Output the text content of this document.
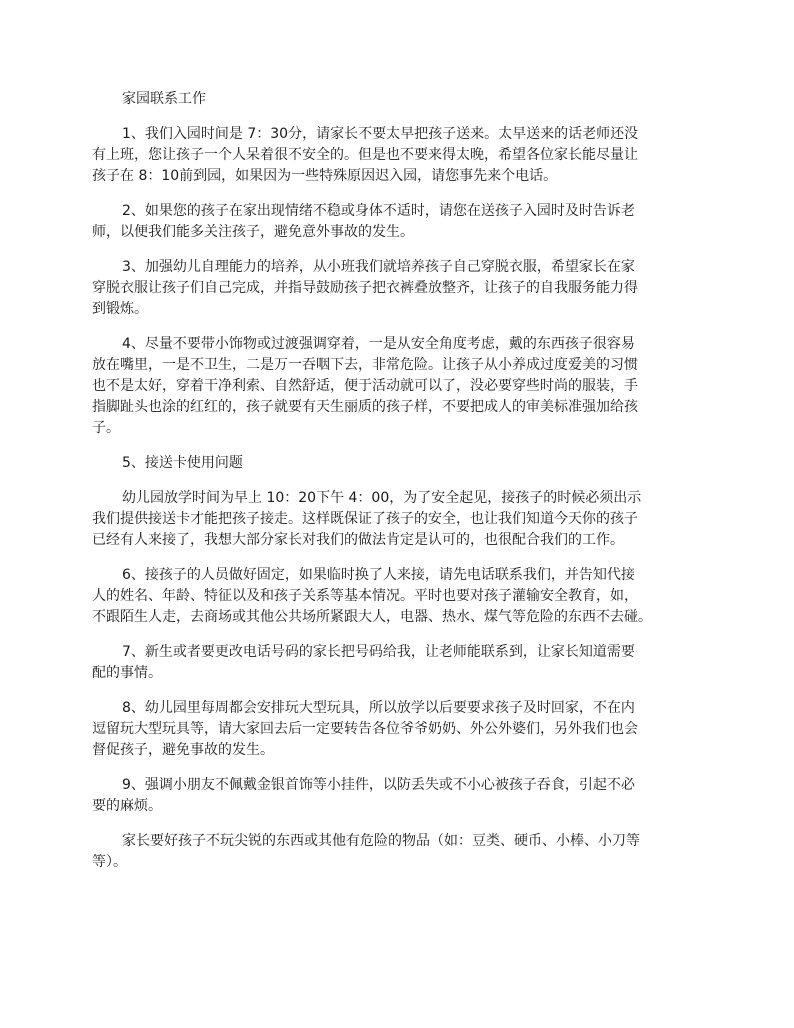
家园联系工作

1、我们入园时间是 7：30分，请家长不要太早把孩子送来。太早送来的话老师还没
有上班，您让孩子一个人呆着很不安全的。但是也不要来得太晚，希望各位家长能尽量让
孩子在 8：10前到园，如果因为一些特殊原因迟入园，请您事先来个电话。

2、如果您的孩子在家出现情绪不稳或身体不适时，请您在送孩子入园时及时告诉老
师，以便我们能多关注孩子，避免意外事故的发生。

3、加强幼儿自理能力的培养，从小班我们就培养孩子自己穿脱衣服，希望家长在家
穿脱衣服让孩子们自己完成，并指导鼓励孩子把衣裤叠放整齐，让孩子的自我服务能力得
到锻炼。

4、尽量不要带小饰物或过渡强调穿着，一是从安全角度考虑，戴的东西孩子很容易
放在嘴里，一是不卫生，二是万一吞咽下去，非常危险。让孩子从小养成过度爱美的习惯
也不是太好，穿着干净利索、自然舒适，便于活动就可以了，没必要穿些时尚的服装，手
指脚趾头也涂的红红的，孩子就要有天生丽质的孩子样，不要把成人的审美标准强加给孩
子。

5、接送卡使用问题

幼儿园放学时间为早上 10：20下午 4：00，为了安全起见，接孩子的时候必须出示
我们提供接送卡才能把孩子接走。这样既保证了孩子的安全，也让我们知道今天你的孩子
已经有人来接了，我想大部分家长对我们的做法肯定是认可的，也很配合我们的工作。

6、接孩子的人员做好固定，如果临时换了人来接，请先电话联系我们，并告知代接
人的姓名、年龄、特征以及和孩子关系等基本情况。平时也要对孩子灌输安全教育，如，
不跟陌生人走，去商场或其他公共场所紧跟大人，电器、热水、煤气等危险的东西不去碰。

7、新生或者要更改电话号码的家长把号码给我，让老师能联系到，让家长知道需要
配的事情。

8、幼儿园里每周都会安排玩大型玩具，所以放学以后要要求孩子及时回家，不在内
逗留玩大型玩具等，请大家回去后一定要转告各位爷爷奶奶、外公外婆们，另外我们也会
督促孩子，避免事故的发生。

9、强调小朋友不佩戴金银首饰等小挂件，以防丢失或不小心被孩子吞食，引起不必
要的麻烦。

家长要好孩子不玩尖锐的东西或其他有危险的物品（如：豆类、硬币、小棒、小刀等
等）。
